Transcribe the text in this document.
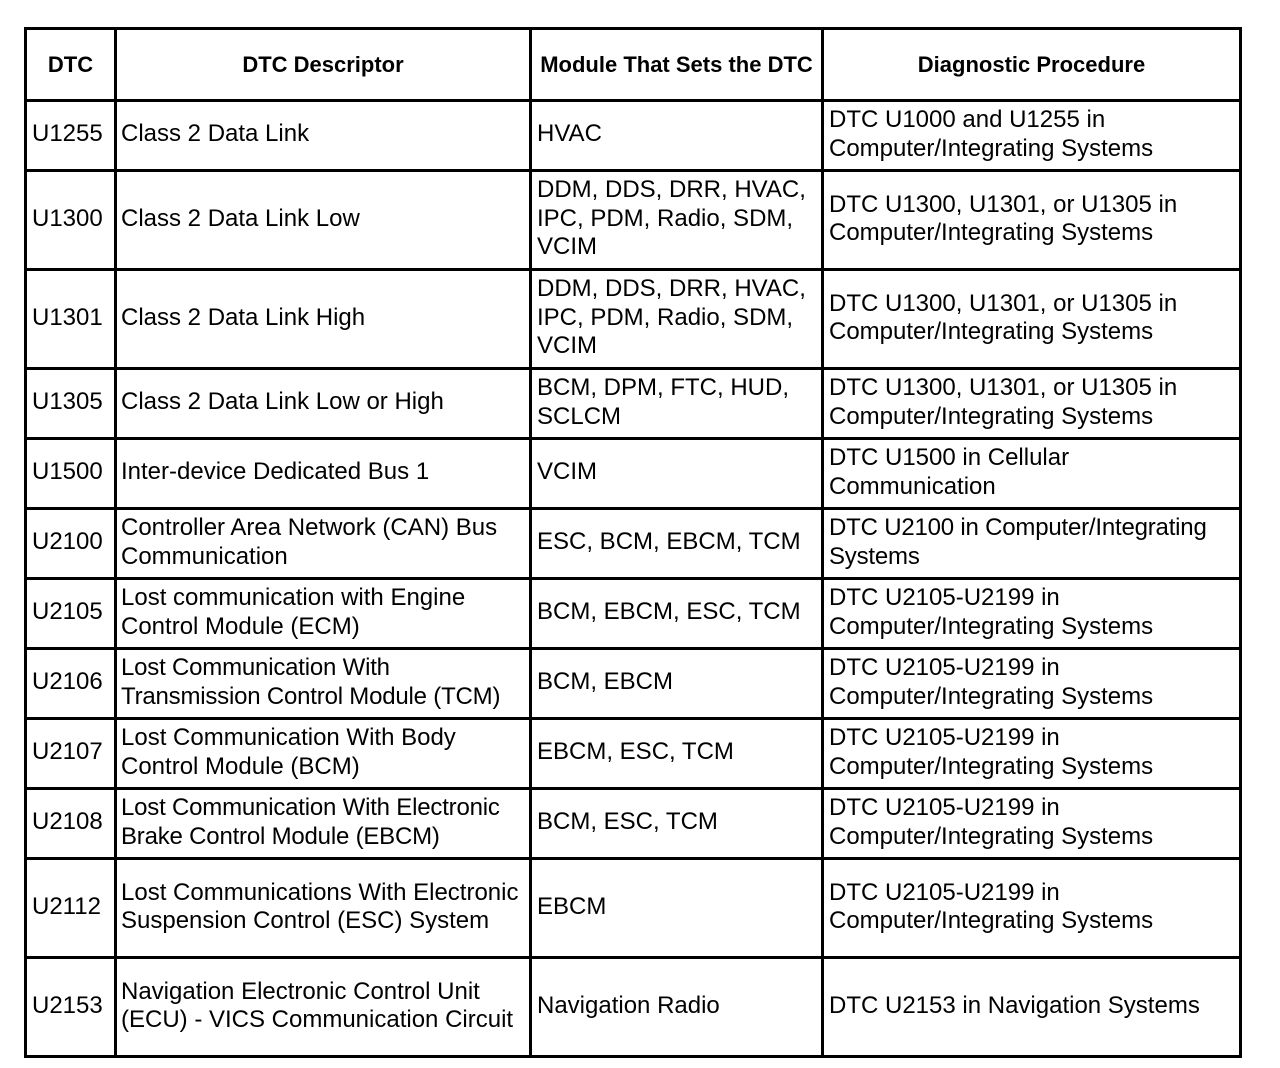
DTC	DTC Descriptor	Module That Sets the DTC	Diagnostic Procedure
U1255	Class 2 Data Link	HVAC	DTC U1000 and U1255 in Computer/Integrating Systems
U1300	Class 2 Data Link Low	DDM, DDS, DRR, HVAC, IPC, PDM, Radio, SDM, VCIM	DTC U1300, U1301, or U1305 in Computer/Integrating Systems
U1301	Class 2 Data Link High	DDM, DDS, DRR, HVAC, IPC, PDM, Radio, SDM, VCIM	DTC U1300, U1301, or U1305 in Computer/Integrating Systems
U1305	Class 2 Data Link Low or High	BCM, DPM, FTC, HUD, SCLCM	DTC U1300, U1301, or U1305 in Computer/Integrating Systems
U1500	Inter-device Dedicated Bus 1	VCIM	DTC U1500 in Cellular Communication
U2100	Controller Area Network (CAN) Bus Communication	ESC, BCM, EBCM, TCM	DTC U2100 in Computer/Integrating Systems
U2105	Lost communication with Engine Control Module (ECM)	BCM, EBCM, ESC, TCM	DTC U2105-U2199 in Computer/Integrating Systems
U2106	Lost Communication With Transmission Control Module (TCM)	BCM, EBCM	DTC U2105-U2199 in Computer/Integrating Systems
U2107	Lost Communication With Body Control Module (BCM)	EBCM, ESC, TCM	DTC U2105-U2199 in Computer/Integrating Systems
U2108	Lost Communication With Electronic Brake Control Module (EBCM)	BCM, ESC, TCM	DTC U2105-U2199 in Computer/Integrating Systems
U2112	Lost Communications With Electronic Suspension Control (ESC) System	EBCM	DTC U2105-U2199 in Computer/Integrating Systems
U2153	Navigation Electronic Control Unit (ECU) - VICS Communication Circuit	Navigation Radio	DTC U2153 in Navigation Systems
